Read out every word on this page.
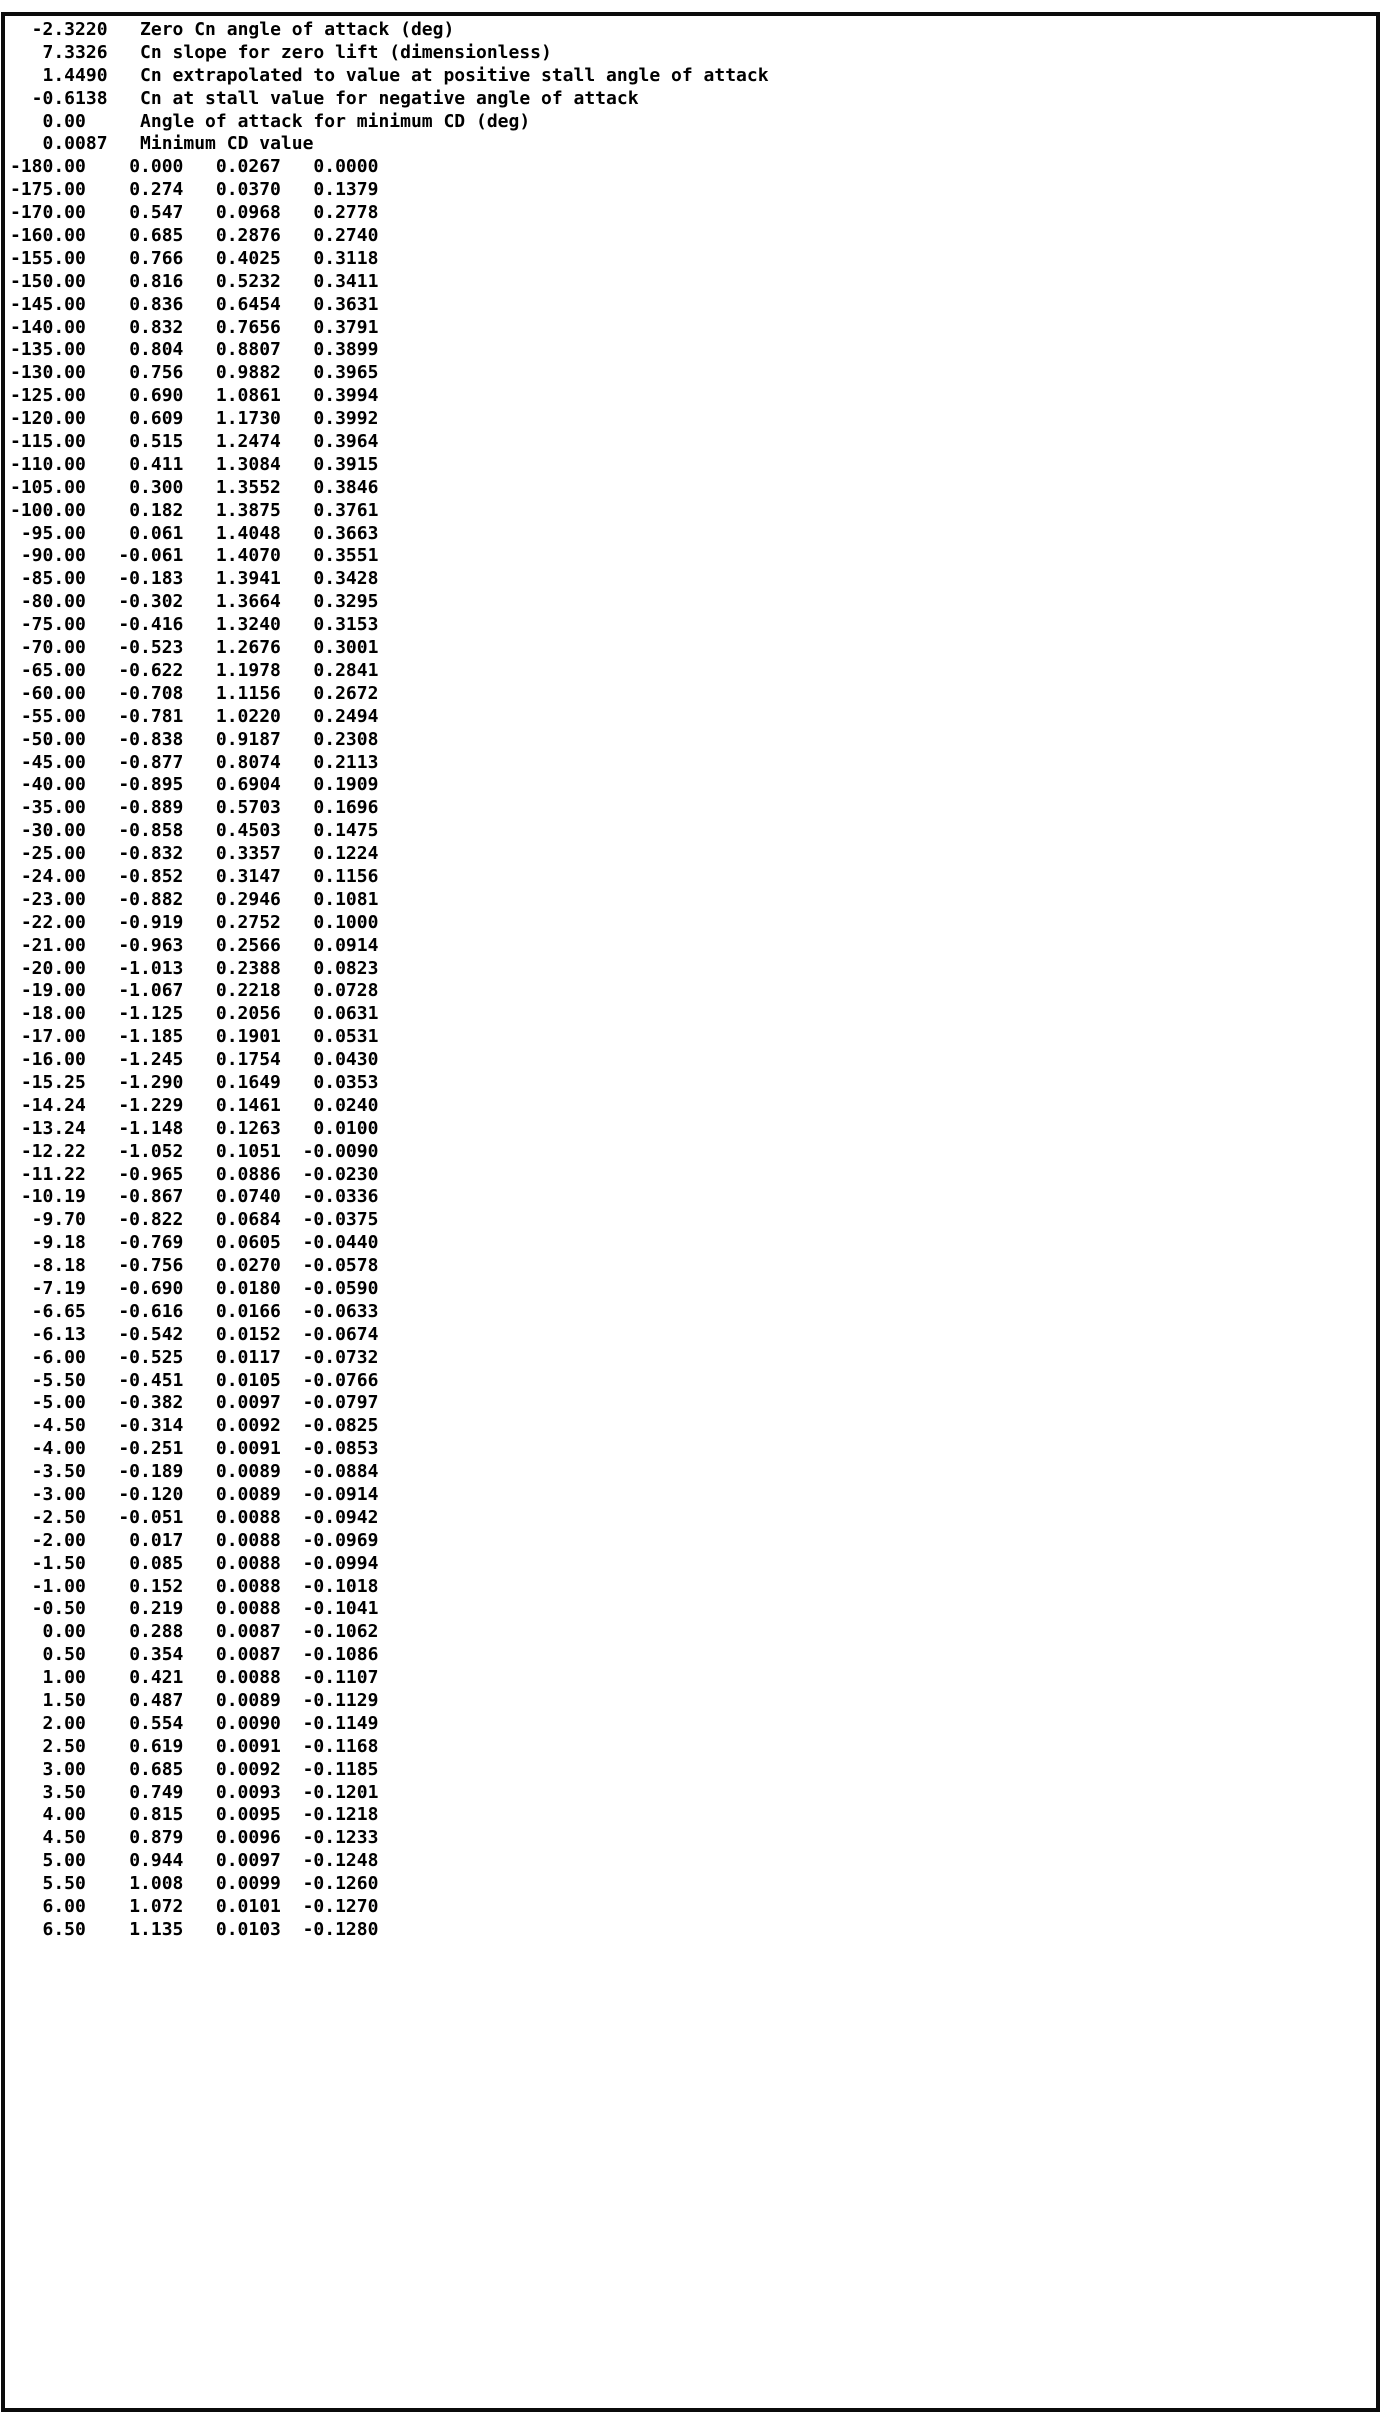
-2.3220 Zero Cn angle of attack (deg)
7.3326 Cn slope for zero lift (dimensionless)
1.4490 Cn extrapolated to value at positive stall angle of attack
-0.6138 Cn at stall value for negative angle of attack
0.00	Angle of attack for minimum CD (deg)
0.0087 Minimum CD value
-180.00 0.000 0.0267 0.0000
-175.00 0.274 0.0370 0.1379
-170.00 0.547 0.0968 0.2778
-160.00 0.685 0.2876 0.2740
-155.00 0.766 0.4025 0.3118
-150.00 0.816 0.5232 0.3411
-145.00 0.836 0.6454 0.3631
-140.00 0.832 0.7656 0.3791
-135.00 0.804 0.8807 0.3899
-130.00 0.756 0.9882 0.3965
-125.00 0.690 1.0861 0.3994
-120.00 0.609 1.1730 0.3992
-115.00 0.515 1.2474 0.3964
-110.00 0.411 1.3084 0.3915
-105.00 0.300 1.3552 0.3846
-100.00 0.182 1.3875 0.3761
-95.00 0.061 1.4048 0.3663
-90.00 -0.061 1.4070 0.3551
-85.00 -0.183 1.3941 0.3428
-80.00 -0.302 1.3664 0.3295
-75.00 -0.416 1.3240 0.3153
-70.00 -0.523 1.2676 0.3001
-65.00 -0.622 1.1978 0.2841
-60.00 -0.708 1.1156 0.2672
-55.00 -0.781 1.0220 0.2494
-50.00 -0.838 0.9187 0.2308
-45.00 -0.877 0.8074 0.2113
-40.00 -0.895 0.6904 0.1909
-35.00 -0.889 0.5703 0.1696
-30.00 -0.858 0.4503 0.1475
-25.00 -0.832 0.3357 0.1224
-24.00 -0.852 0.3147 0.1156
-23.00 -0.882 0.2946 0.1081
-22.00 -0.919 0.2752 0.1000
-21.00 -0.963 0.2566 0.0914
-20.00 -1.013 0.2388 0.0823
-19.00 -1.067 0.2218 0.0728
-18.00 -1.125 0.2056 0.0631
-17.00 -1.185 0.1901 0.0531
-16.00 -1.245 0.1754 0.0430
-15.25 -1.290 0.1649 0.0353
-14.24 -1.229 0.1461 0.0240
-13.24 -1.148 0.1263 0.0100
-12.22 -1.052 0.1051 -0.0090
-11.22 -0.965 0.0886 -0.0230
-10.19 -0.867 0.0740 -0.0336
-9.70 -0.822 0.0684 -0.0375
-9.18 -0.769 0.0605 -0.0440
-8.18 -0.756 0.0270 -0.0578
-7.19 -0.690 0.0180 -0.0590
-6.65 -0.616 0.0166 -0.0633
-6.13 -0.542 0.0152 -0.0674
-6.00 -0.525 0.0117 -0.0732
-5.50 -0.451 0.0105 -0.0766
-5.00 -0.382 0.0097 -0.0797
-4.50 -0.314 0.0092 -0.0825
-4.00 -0.251 0.0091 -0.0853
-3.50 -0.189 0.0089 -0.0884
-3.00 -0.120 0.0089 -0.0914
-2.50 -0.051 0.0088 -0.0942
-2.00 0.017 0.0088 -0.0969
-1.50 0.085 0.0088 -0.0994
-1.00 0.152 0.0088 -0.1018
-0.50 0.219 0.0088 -0.1041
0.00 0.288 0.0087 -0.1062
0.50 0.354 0.0087 -0.1086
1.00 0.421 0.0088 -0.1107
1.50 0.487 0.0089 -0.1129
2.00 0.554 0.0090 -0.1149
2.50 0.619 0.0091 -0.1168
3.00 0.685 0.0092 -0.1185
3.50 0.749 0.0093 -0.1201
4.00 0.815 0.0095 -0.1218
4.50 0.879 0.0096 -0.1233
5.00 0.944 0.0097 -0.1248
5.50 1.008 0.0099 -0.1260
6.00 1.072 0.0101 -0.1270
6.50 1.135 0.0103 -0.1280
